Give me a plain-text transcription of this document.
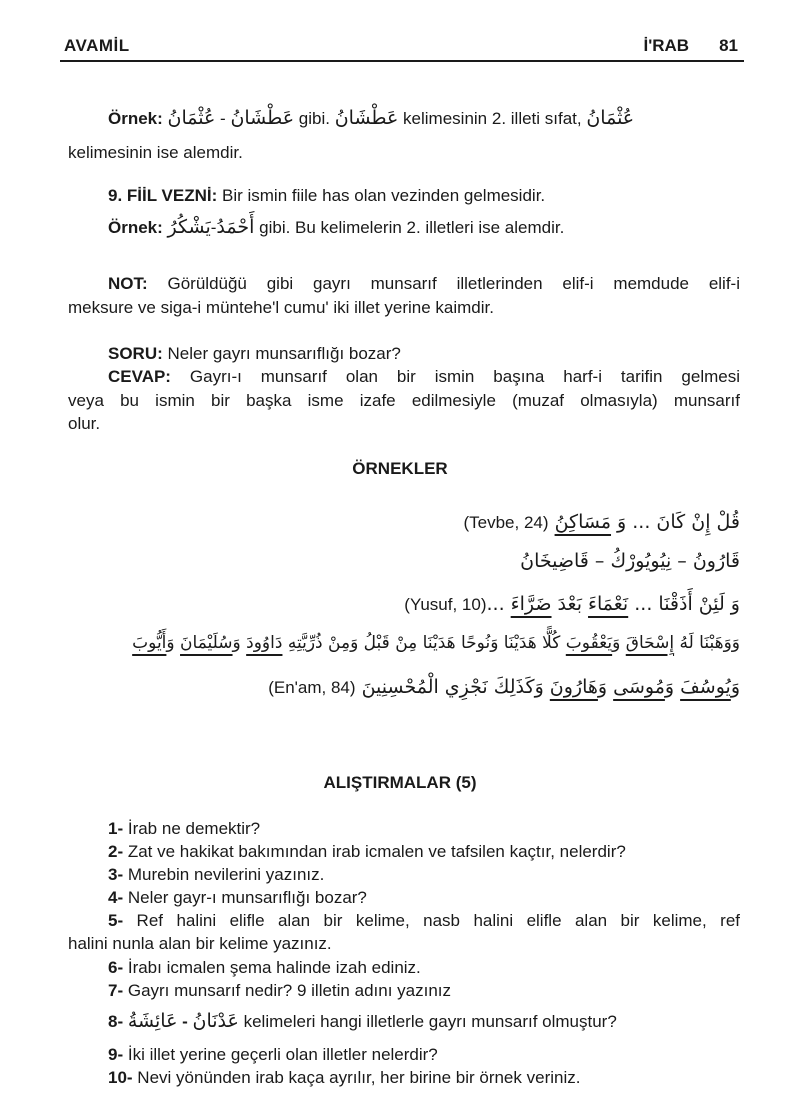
AVAMİL	İ'RAB 81
Örnek: عُثْمَانُ - عَطْشَانُ gibi. عَطْشَانُ kelimesinin 2. illeti sıfat, عُثْمَانُ
kelimesinin ise alemdir.
9. FİİL VEZNİ: Bir ismin fiile has olan vezinden gelmesidir.
Örnek: يَشْكُرُ-أَحْمَدُ gibi. Bu kelimelerin 2. illetleri ise alemdir.
NOT: Görüldüğü gibi gayrı munsarıf illetlerinden elif-i memdude elif-i
meksure ve siga-i müntehe'l cumu' iki illet yerine kaimdir.
SORU: Neler gayrı munsarıflığı bozar?
CEVAP: Gayrı-ı munsarıf olan bir ismin başına harf-i tarifin gelmesi
veya bu ismin bir başka isme izafe edilmesiyle (muzaf olmasıyla) munsarıf
olur.
ÖRNEKLER
قُلْ إِنْ كَانَ ... وَ مَسَاكِنُ (Tevbe, 24)
قَارُونُ – نِيُويُورْكُ – قَاضِيخَانُ
وَ لَئِنْ أَذَقْنَا ... نَعْمَاءَ بَعْدَ ضَرَّاءَ ...(Yusuf, 10)
وَوَهَبْنَا لَهُ إِسْحَاقَ وَيَعْقُوبَ كُلًّا هَدَيْنَا وَنُوحًا هَدَيْنَا مِنْ قَبْلُ وَمِنْ ذُرِّيَّتِهِ دَاوُودَ وَسُلَيْمَانَ وَأَيُّوبَ
وَيُوسُفَ وَمُوسَى وَهَارُونَ وَكَذَلِكَ نَجْزِي الْمُحْسِنِينَ (En'am, 84)
ALIŞTIRMALAR (5)
1- İrab ne demektir?
2- Zat ve hakikat bakımından irab icmalen ve tafsilen kaçtır, nelerdir?
3- Murebin nevilerini yazınız.
4- Neler gayr-ı munsarıflığı bozar?
5- Ref halini elifle alan bir kelime, nasb halini elifle alan bir kelime, ref
halini nunla alan bir kelime yazınız.
6- İrabı icmalen şema halinde izah ediniz.
7- Gayrı munsarıf nedir? 9 illetin adını yazınız
8- عَائِشَةُ - عَدْنَانُ kelimeleri hangi illetlerle gayrı munsarıf olmuştur?
9- İki illet yerine geçerli olan illetler nelerdir?
10- Nevi yönünden irab kaça ayrılır, her birine bir örnek veriniz.
